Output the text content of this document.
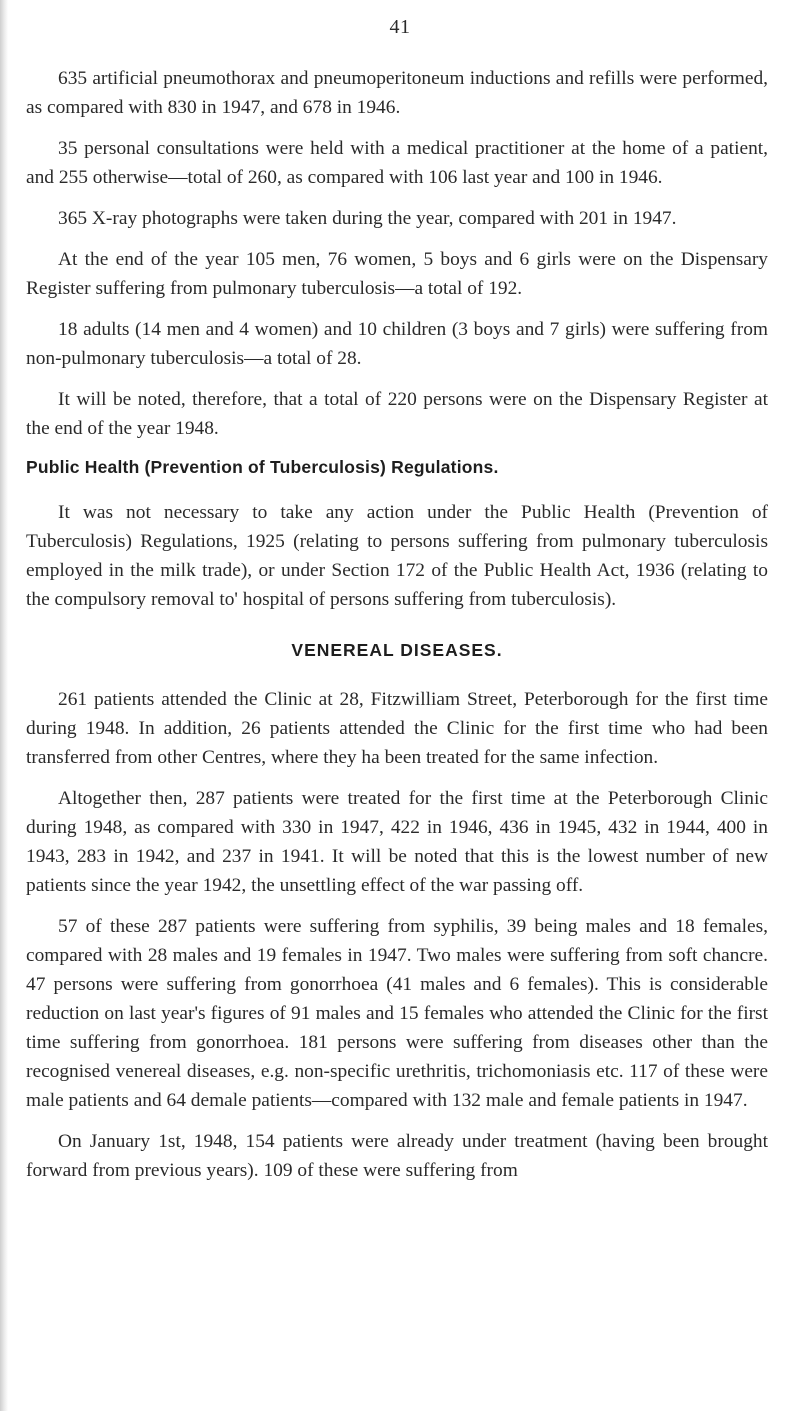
41

635 artificial pneumothorax and pneumoperitoneum inductions and refills were performed, as compared with 830 in 1947, and 678 in 1946.

35 personal consultations were held with a medical practitioner at the home of a patient, and 255 otherwise—total of 260, as compared with 106 last year and 100 in 1946.

365 X-ray photographs were taken during the year, compared with 201 in 1947.

At the end of the year 105 men, 76 women, 5 boys and 6 girls were on the Dispensary Register suffering from pulmonary tuberculosis—a total of 192.

18 adults (14 men and 4 women) and 10 children (3 boys and 7 girls) were suffering from non-pulmonary tuberculosis—a total of 28.

It will be noted, therefore, that a total of 220 persons were on the Dispensary Register at the end of the year 1948.

Public Health (Prevention of Tuberculosis) Regulations.

It was not necessary to take any action under the Public Health (Prevention of Tuberculosis) Regulations, 1925 (relating to persons suffering from pulmonary tuberculosis employed in the milk trade), or under Section 172 of the Public Health Act, 1936 (relating to the compulsory removal to' hospital of persons suffering from tuberculosis).

VENEREAL DISEASES.

261 patients attended the Clinic at 28, Fitzwilliam Street, Peterborough for the first time during 1948. In addition, 26 patients attended the Clinic for the first time who had been transferred from other Centres, where they ha been treated for the same infection.

Altogether then, 287 patients were treated for the first time at the Peterborough Clinic during 1948, as compared with 330 in 1947, 422 in 1946, 436 in 1945, 432 in 1944, 400 in 1943, 283 in 1942, and 237 in 1941. It will be noted that this is the lowest number of new patients since the year 1942, the unsettling effect of the war passing off.

57 of these 287 patients were suffering from syphilis, 39 being males and 18 females, compared with 28 males and 19 females in 1947. Two males were suffering from soft chancre. 47 persons were suffering from gonorrhoea (41 males and 6 females). This is considerable reduction on last year's figures of 91 males and 15 females who attended the Clinic for the first time suffering from gonorrhoea. 181 persons were suffering from diseases other than the recognised venereal diseases, e.g. non-specific urethritis, trichomoniasis etc. 117 of these were male patients and 64 demale patients—compared with 132 male and female patients in 1947.

On January 1st, 1948, 154 patients were already under treatment (having been brought forward from previous years). 109 of these were suffering from
